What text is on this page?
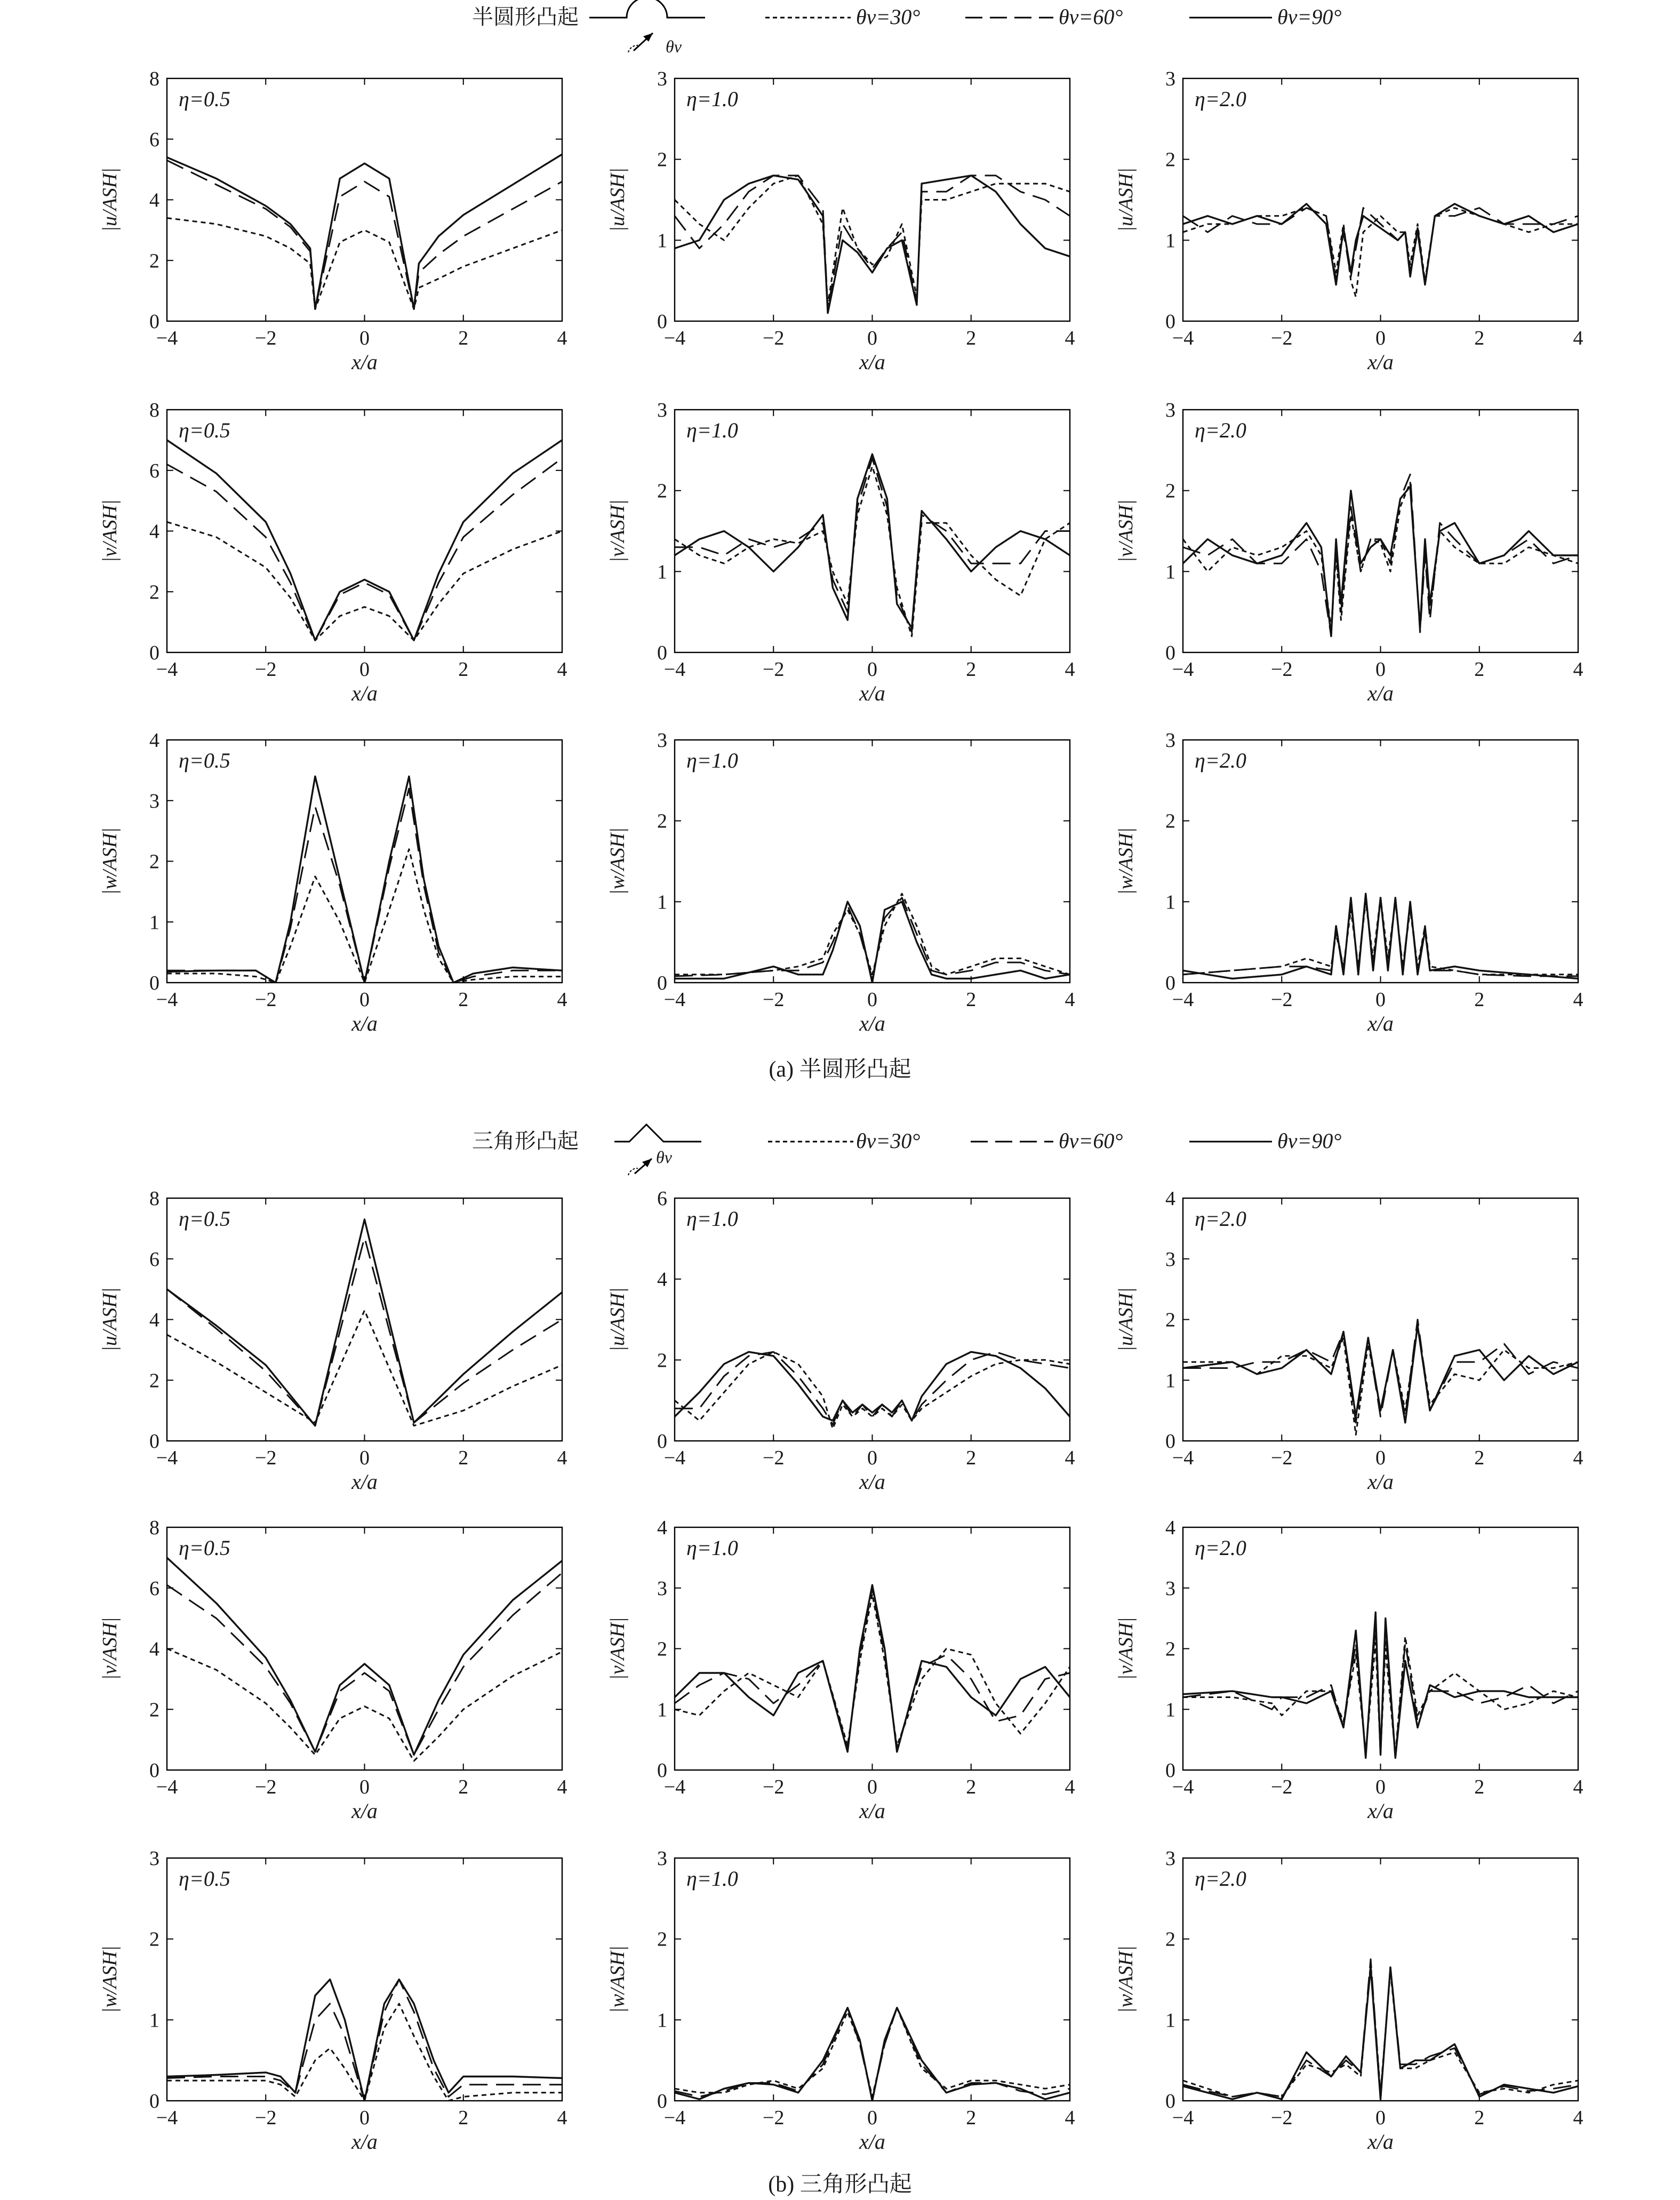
半圆形凸起
θv
θv=30°	θv=60°	θv=90°
三角形凸起
θv
θv=30°	θv=60°	θv=90°
(a) 半圆形凸起
(b) 三角形凸起
−4	−2	0	2	4
0
2
4
6
8
η=0.5
x/a
|u/ASH|
−4	−2	0	2	4
0
1
2
3
η=1.0
x/a
|u/ASH|
−4	−2	0	2	4
0
1
2
3
η=2.0
x/a
|u/ASH|
−4	−2	0	2	4
0
2
4
6
8
η=0.5
x/a
|v/ASH|
−4	−2	0	2	4
0
1
2
3
η=1.0
x/a
|v/ASH|
−4	−2	0	2	4
0
1
2
3
η=2.0
x/a
|v/ASH|
−4	−2	0	2	4
0
1
2
3
4
η=0.5
x/a
|w/ASH|
−4	−2	0	2	4
0
1
2
3
η=1.0
x/a
|w/ASH|
−4	−2	0	2	4
0
1
2
3
η=2.0
x/a
|w/ASH|
−4	−2	0	2	4
0
2
4
6
8
η=0.5
x/a
|u/ASH|
−4	−2	0	2	4
0
2
4
6
η=1.0
x/a
|u/ASH|
−4	−2	0	2	4
0
1
2
3
4
η=2.0
x/a
|u/ASH|
−4	−2	0	2	4
0
2
4
6
8
η=0.5
x/a
|v/ASH|
−4	−2	0	2	4
0
1
2
3
4
η=1.0
x/a
|v/ASH|
−4	−2	0	2	4
0
1
2
3
4
η=2.0
x/a
|v/ASH|
−4	−2	0	2	4
0
1
2
3
η=0.5
x/a
|w/ASH|
−4	−2	0	2	4
0
1
2
3
η=1.0
x/a
|w/ASH|
−4	−2	0	2	4
0
1
2
3
η=2.0
x/a
|w/ASH|
